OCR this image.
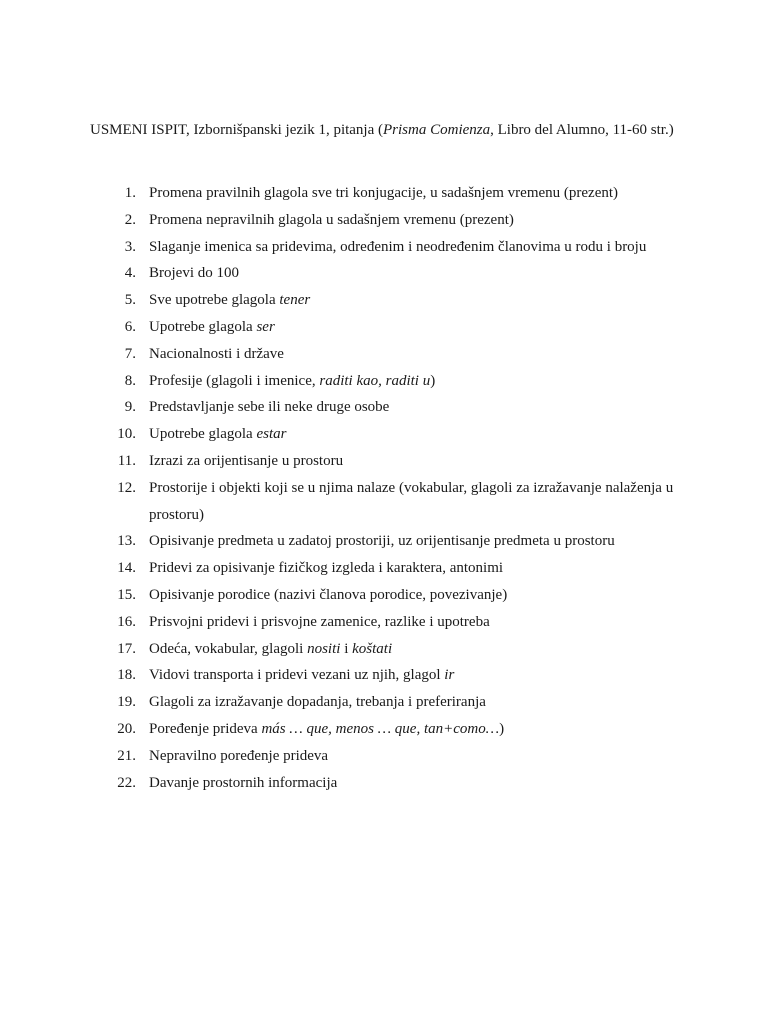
USMENI ISPIT, Izbornišpanski jezik 1, pitanja (Prisma Comienza, Libro del Alumno, 11-60 str.)

1. Promena pravilnih glagola sve tri konjugacije, u sadašnjem vremenu (prezent)
2. Promena nepravilnih glagola u sadašnjem vremenu (prezent)
3. Slaganje imenica sa pridevima, određenim i neodređenim članovima u rodu i broju
4. Brojevi do 100
5. Sve upotrebe glagola tener
6. Upotrebe glagola ser
7. Nacionalnosti i države
8. Profesije (glagoli i imenice, raditi kao, raditi u)
9. Predstavljanje sebe ili neke druge osobe
10. Upotrebe glagola estar
11. Izrazi za orijentisanje u prostoru
12. Prostorije i objekti koji se u njima nalaze (vokabular, glagoli za izražavanje nalaženja u prostoru)
13. Opisivanje predmeta u zadatoj prostoriji, uz orijentisanje predmeta u prostoru
14. Pridevi za opisivanje fizičkog izgleda i karaktera, antonimi
15. Opisivanje porodice (nazivi članova porodice, povezivanje)
16. Prisvojni pridevi i prisvojne zamenice, razlike i upotreba
17. Odeća, vokabular, glagoli nositi i koštati
18. Vidovi transporta i pridevi vezani uz njih, glagol ir
19. Glagoli za izražavanje dopadanja, trebanja i preferiranja
20. Poređenje prideva más … que, menos … que, tan+como…)
21. Nepravilno poređenje prideva
22. Davanje prostornih informacija
